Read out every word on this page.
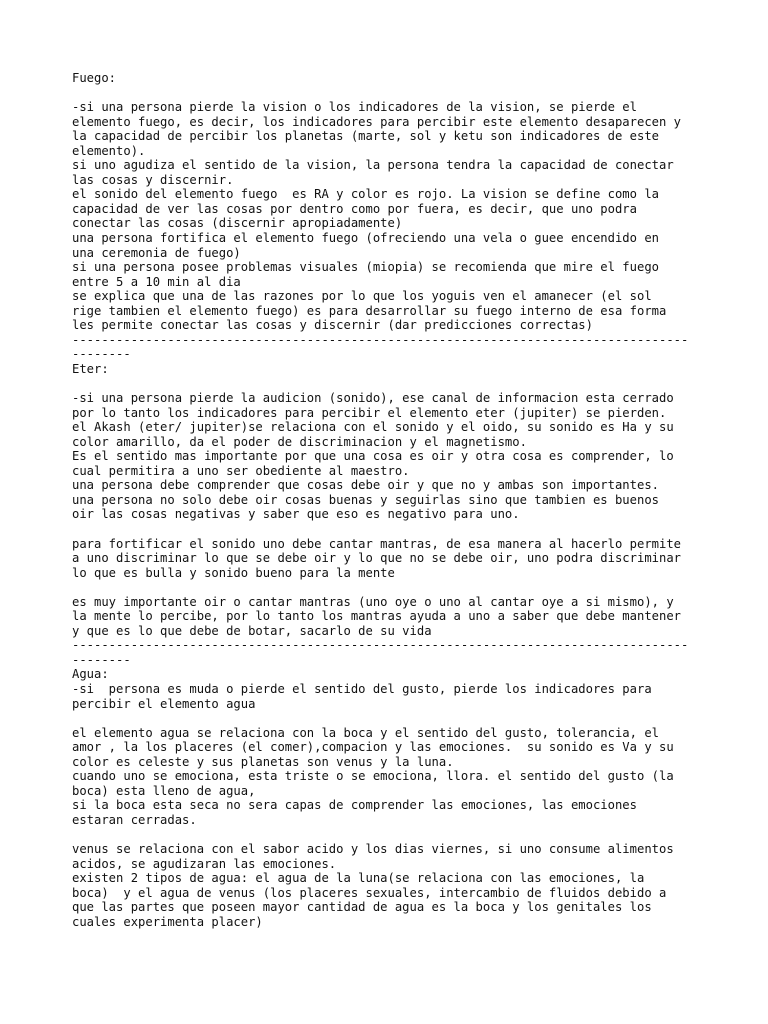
Fuego:
-si una persona pierde la vision o los indicadores de la vision, se pierde el
elemento fuego, es decir, los indicadores para percibir este elemento desaparecen y
la capacidad de percibir los planetas (marte, sol y ketu son indicadores de este
elemento).
si uno agudiza el sentido de la vision, la persona tendra la capacidad de conectar
las cosas y discernir.
el sonido del elemento fuego  es RA y color es rojo. La vision se define como la
capacidad de ver las cosas por dentro como por fuera, es decir, que uno podra
conectar las cosas (discernir apropiadamente)
una persona fortifica el elemento fuego (ofreciendo una vela o guee encendido en
una ceremonia de fuego)
si una persona posee problemas visuales (miopia) se recomienda que mire el fuego
entre 5 a 10 min al dia
se explica que una de las razones por lo que los yoguis ven el amanecer (el sol
rige tambien el elemento fuego) es para desarrollar su fuego interno de esa forma
les permite conectar las cosas y discernir (dar predicciones correctas)
------------------------------------------------------------------------------------
--------
Eter:
-si una persona pierde la audicion (sonido), ese canal de informacion esta cerrado
por lo tanto los indicadores para percibir el elemento eter (jupiter) se pierden.
el Akash (eter/ jupiter)se relaciona con el sonido y el oido, su sonido es Ha y su
color amarillo, da el poder de discriminacion y el magnetismo.
Es el sentido mas importante por que una cosa es oir y otra cosa es comprender, lo
cual permitira a uno ser obediente al maestro.
una persona debe comprender que cosas debe oir y que no y ambas son importantes.
una persona no solo debe oir cosas buenas y seguirlas sino que tambien es buenos
oir las cosas negativas y saber que eso es negativo para uno.
para fortificar el sonido uno debe cantar mantras, de esa manera al hacerlo permite
a uno discriminar lo que se debe oir y lo que no se debe oir, uno podra discriminar
lo que es bulla y sonido bueno para la mente
es muy importante oir o cantar mantras (uno oye o uno al cantar oye a si mismo), y
la mente lo percibe, por lo tanto los mantras ayuda a uno a saber que debe mantener
y que es lo que debe de botar, sacarlo de su vida
------------------------------------------------------------------------------------
--------
Agua:
-si  persona es muda o pierde el sentido del gusto, pierde los indicadores para
percibir el elemento agua
el elemento agua se relaciona con la boca y el sentido del gusto, tolerancia, el
amor , la los placeres (el comer),compacion y las emociones.  su sonido es Va y su
color es celeste y sus planetas son venus y la luna.
cuando uno se emociona, esta triste o se emociona, llora. el sentido del gusto (la
boca) esta lleno de agua,
si la boca esta seca no sera capas de comprender las emociones, las emociones
estaran cerradas.
venus se relaciona con el sabor acido y los dias viernes, si uno consume alimentos
acidos, se agudizaran las emociones.
existen 2 tipos de agua: el agua de la luna(se relaciona con las emociones, la
boca)  y el agua de venus (los placeres sexuales, intercambio de fluidos debido a
que las partes que poseen mayor cantidad de agua es la boca y los genitales los
cuales experimenta placer)
